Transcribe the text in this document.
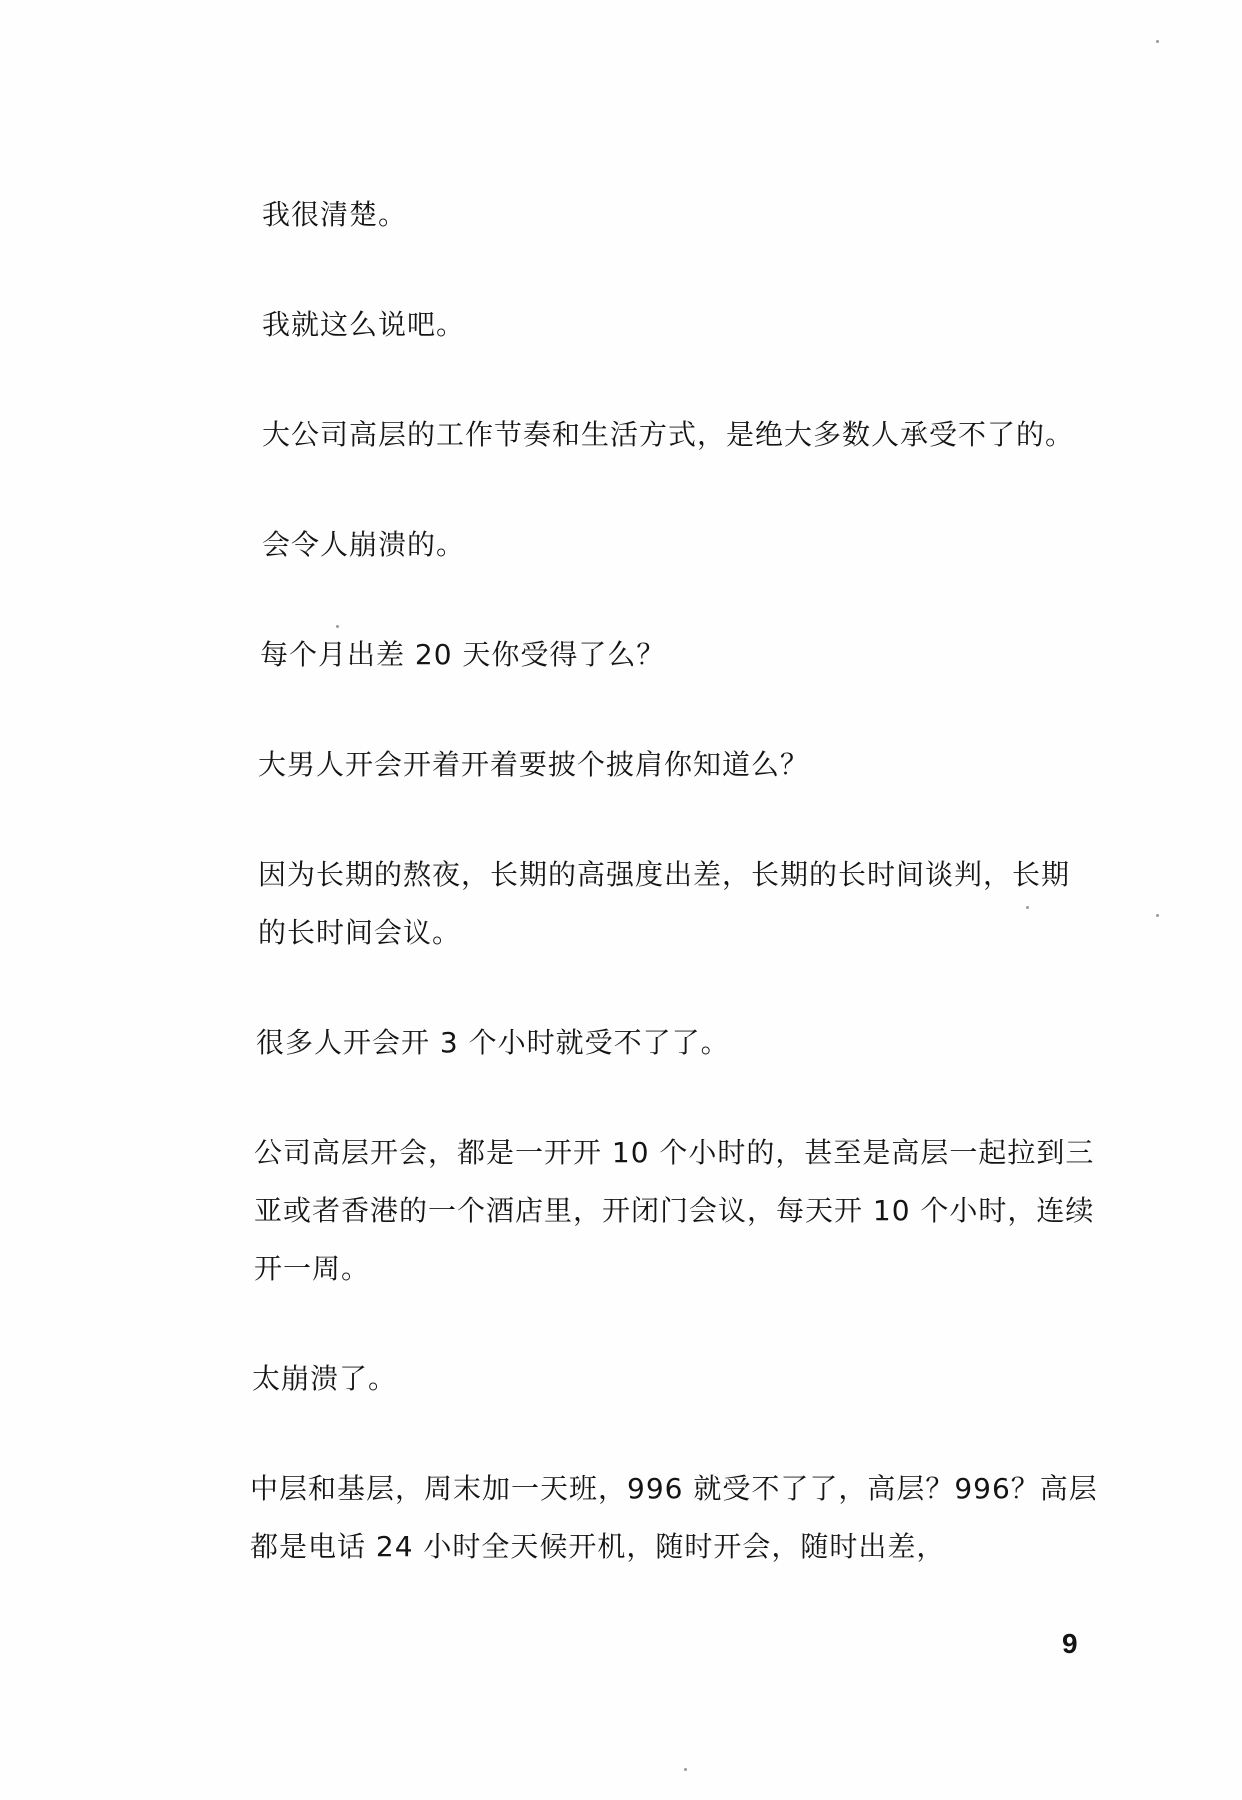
我很清楚。

我就这么说吧。

大公司高层的工作节奏和生活方式，是绝大多数人承受不了的。

会令人崩溃的。

每个月出差 20 天你受得了么？

大男人开会开着开着要披个披肩你知道么？

因为长期的熬夜，长期的高强度出差，长期的长时间谈判，长期
的长时间会议。

很多人开会开 3 个小时就受不了了。

公司高层开会，都是一开开 10 个小时的，甚至是高层一起拉到三
亚或者香港的一个酒店里，开闭门会议，每天开 10 个小时，连续
开一周。

太崩溃了。

中层和基层，周末加一天班，996 就受不了了，高层？996？高层
都是电话 24 小时全天候开机，随时开会，随时出差，

9
